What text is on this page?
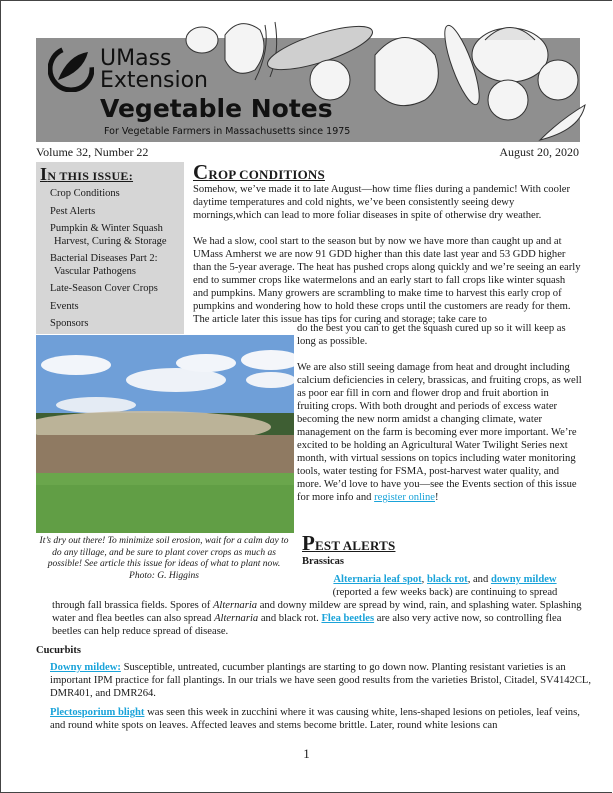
UMass
Extension
Vegetable Notes
For Vegetable Farmers in Massachusetts since 1975
Volume 32, Number 22	August 20, 2020
IN THIS ISSUE:
Crop Conditions
Pest Alerts
Pumpkin & Winter Squash
Harvest, Curing & Storage
Bacterial Diseases Part 2:
Vascular Pathogens
Late-Season Cover Crops
Events
Sponsors
It’s dry out there! To minimize soil erosion, wait for a calm day to do any tillage, and be sure to plant cover crops as much as possible! See article this issue for ideas of what to plant now.
Photo: G. Higgins
CROP CONDITIONS
Somehow, we’ve made it to late August—how time flies during a pandemic! With cooler daytime temperatures and cold nights, we’ve been consistently seeing dewy mornings,which can lead to more foliar diseases in spite of otherwise dry weather.
We had a slow, cool start to the season but by now we have more than caught up and at UMass Amherst we are now 91 GDD higher than this date last year and 53 GDD higher than the 5-year average. The heat has pushed crops along quickly and we’re seeing an early end to summer crops like watermelons and an early start to fall crops like winter squash and pumpkins. Many growers are scrambling to make time to harvest this early crop of pumpkins and wondering how to hold these crops until the customers are ready for them. The article later this issue has tips for curing and storage; take care to
do the best you can to get the squash cured up so it will keep as long as possible.
We are also still seeing damage from heat and drought including calcium deficiencies in celery, brassicas, and fruiting crops, as well as poor ear fill in corn and flower drop and fruit abortion in fruiting crops. With both drought and periods of excess water becoming the new norm amidst a changing climate, water management on the farm is becoming ever more important. We’re excited to be holding an Agricultural Water Twilight Series next month, with virtual sessions on topics including water monitoring tools, water testing for FSMA, post-harvest water quality, and more. We’d love to have you—see the Events section of this issue for more info and register online!
PEST ALERTS
Brassicas
Alternaria leaf spot, black rot, and downy mildew
(reported a few weeks back) are continuing to spread
through fall brassica fields. Spores of Alternaria and downy mildew are spread by wind, rain, and splashing water. Splashing water and flea beetles can also spread Alternaria and black rot. Flea beetles are also very active now, so controlling flea beetles can help reduce spread of disease.
Cucurbits
Downy mildew: Susceptible, untreated, cucumber plantings are starting to go down now. Planting resistant varieties is an important IPM practice for fall plantings. In our trials we have seen good results from the varieties Bristol, Citadel, SV4142CL, DMR401, and DMR264.
Plectosporium blight was seen this week in zucchini where it was causing white, lens-shaped lesions on petioles, leaf veins, and round white spots on leaves. Affected leaves and stems become brittle. Later, round white lesions can
1
